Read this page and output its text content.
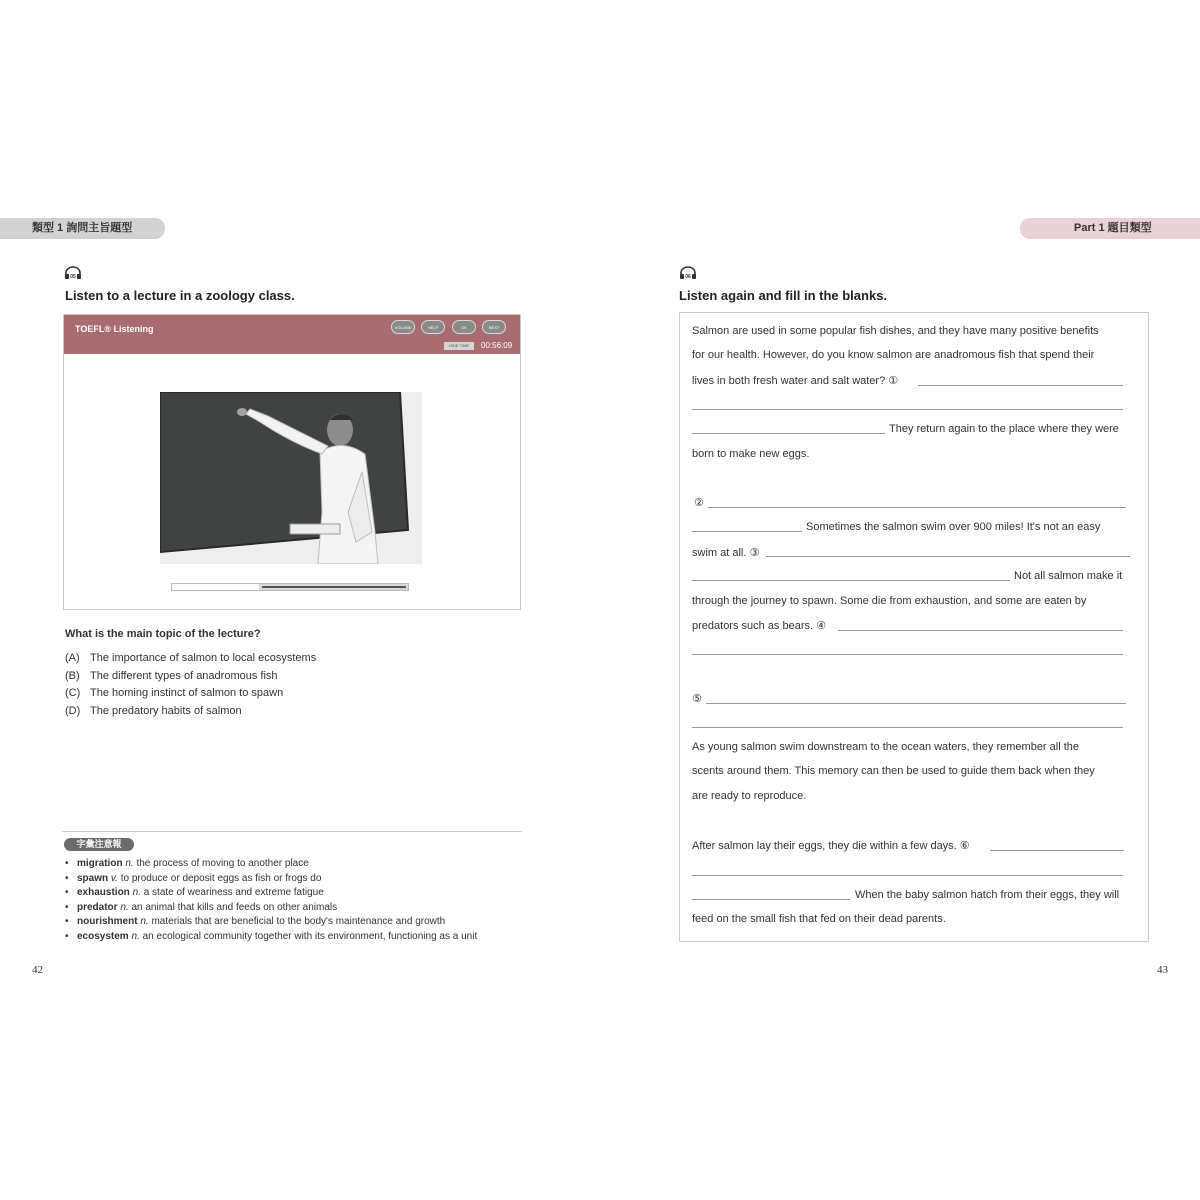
類型 1 詢問主旨題型	Part 1 題目類型
05
Listen to a lecture in a zoology class.
TOEFL® Listening	VOLUME	HELP	OK	NEXT
HIDE TIME	00:56:09
What is the main topic of the lecture?
(A) The importance of salmon to local ecosystems
(B) The different types of anadromous fish
(C) The homing instinct of salmon to spawn
(D) The predatory habits of salmon
字彙注意報
• migration n. the process of moving to another place
• spawn v. to produce or deposit eggs as fish or frogs do
• exhaustion n. a state of weariness and extreme fatigue
• predator n. an animal that kills and feeds on other animals
• nourishment n. materials that are beneficial to the body's maintenance and growth
• ecosystem n. an ecological community together with its environment, functioning as a unit
42
06
Listen again and fill in the blanks.
Salmon are used in some popular fish dishes, and they have many positive benefits
for our health. However, do you know salmon are anadromous fish that spend their
lives in both fresh water and salt water? ①
They return again to the place where they were
born to make new eggs.
②
Sometimes the salmon swim over 900 miles! It's not an easy
swim at all. ③
Not all salmon make it
through the journey to spawn. Some die from exhaustion, and some are eaten by
predators such as bears. ④
⑤
As young salmon swim downstream to the ocean waters, they remember all the
scents around them. This memory can then be used to guide them back when they
are ready to reproduce.
After salmon lay their eggs, they die within a few days. ⑥
When the baby salmon hatch from their eggs, they will
feed on the small fish that fed on their dead parents.
43
